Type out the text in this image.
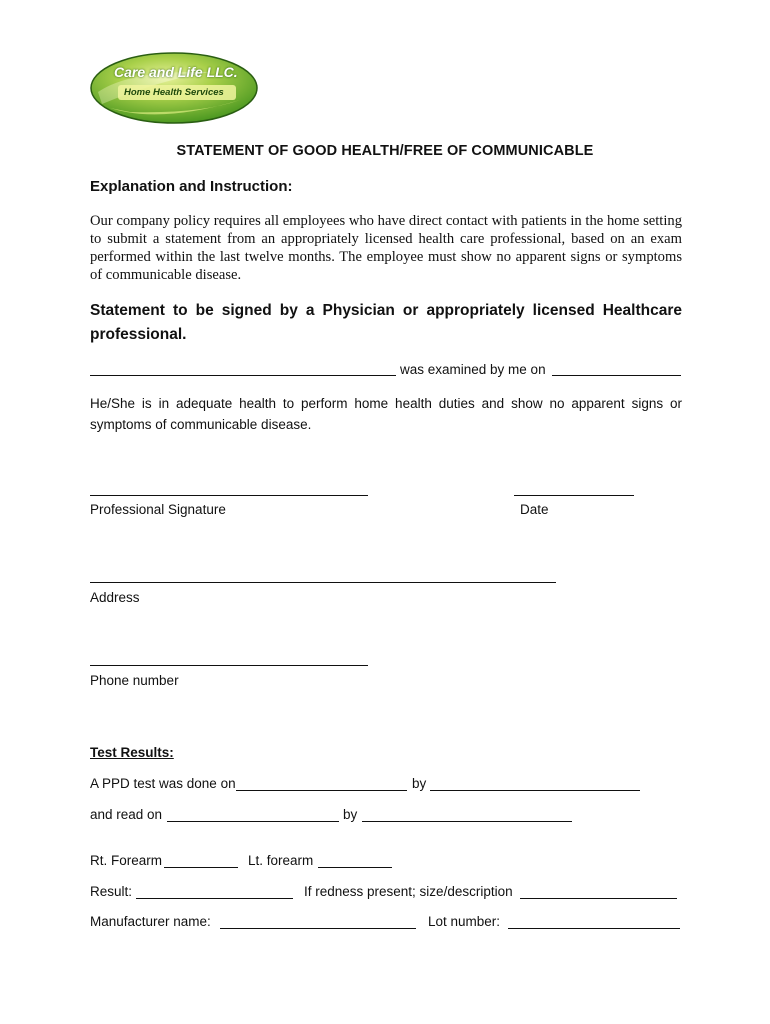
Care and Life LLC.
Home Health Services
STATEMENT OF GOOD HEALTH/FREE OF COMMUNICABLE
Explanation and Instruction:
Our company policy requires all employees who have direct contact with patients in the home setting to submit a statement from an appropriately licensed health care professional, based on an exam performed within the last twelve months. The employee must show no apparent signs or symptoms of communicable disease.
Statement to be signed by a Physician or appropriately licensed Healthcare professional.
was examined by me on
He/She is in adequate health to perform home health duties and show no apparent signs or symptoms of communicable disease.
Professional Signature	Date
Address
Phone number
Test Results:
A PPD test was done on	by
and read on	by
Rt. Forearm	Lt. forearm
Result:	If redness present; size/description
Manufacturer name:	Lot number:
